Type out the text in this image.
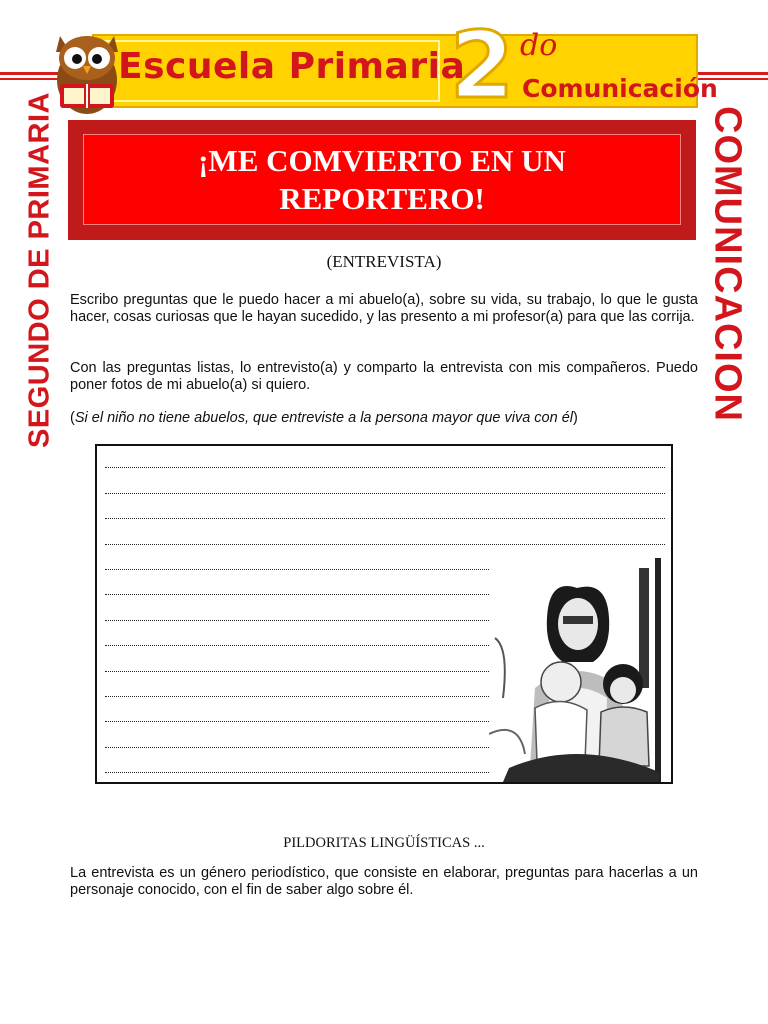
Escuela Primaria
2 do
Comunicación
SEGUNDO DE PRIMARIA	COMUNICACION
¡ME COMVIERTO EN UN REPORTERO!
(ENTREVISTA)
Escribo preguntas que le puedo hacer a mi abuelo(a), sobre su vida, su trabajo, lo que le gusta hacer, cosas curiosas que le hayan sucedido, y las presento a mi profesor(a) para que las corrija.
Con las preguntas listas, lo entrevisto(a) y comparto la entrevista con mis compañeros. Puedo poner fotos de mi abuelo(a) si quiero.
(Si el niño no tiene abuelos, que entreviste a la persona mayor que viva con él)
PILDORITAS LINGÜÍSTICAS ...
La entrevista es un género periodístico, que consiste en elaborar, preguntas para hacerlas a un personaje conocido, con el fin de saber algo sobre él.
